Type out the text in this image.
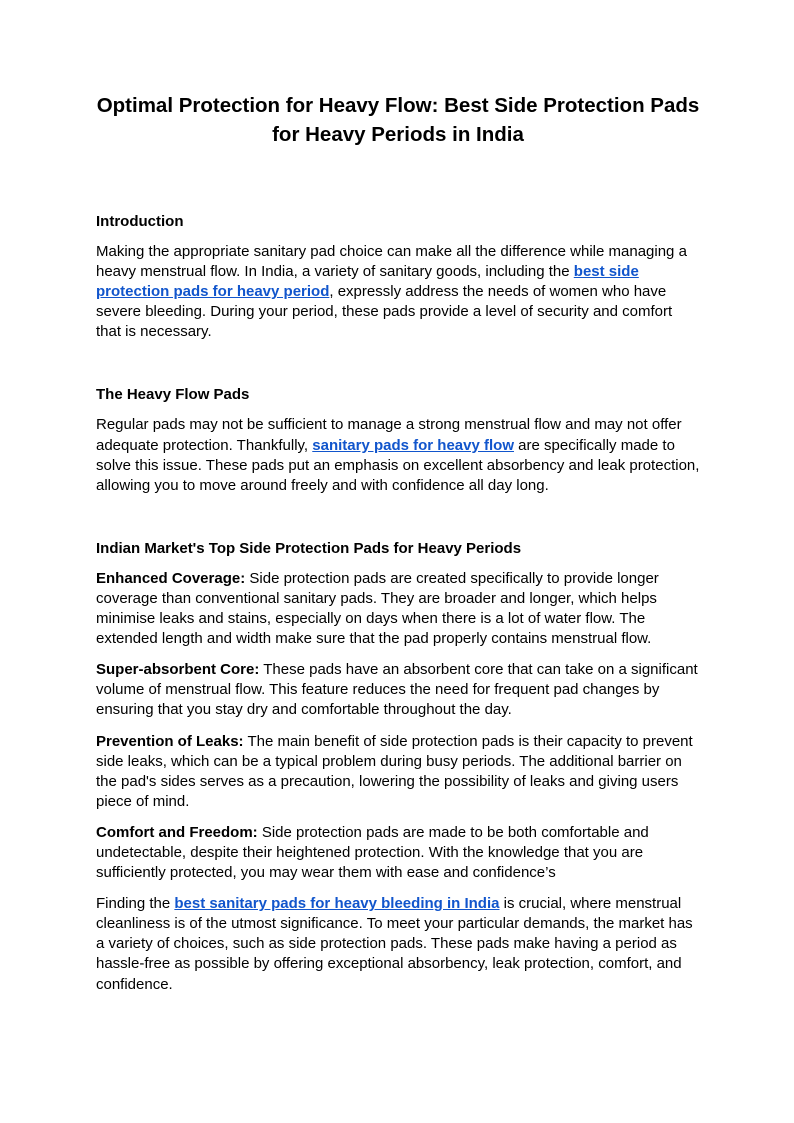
Optimal Protection for Heavy Flow: Best Side Protection Pads for Heavy Periods in India
Introduction

Making the appropriate sanitary pad choice can make all the difference while managing a heavy menstrual flow. In India, a variety of sanitary goods, including the best side protection pads for heavy period, expressly address the needs of women who have severe bleeding. During your period, these pads provide a level of security and comfort that is necessary.

The Heavy Flow Pads

Regular pads may not be sufficient to manage a strong menstrual flow and may not offer adequate protection. Thankfully, sanitary pads for heavy flow are specifically made to solve this issue. These pads put an emphasis on excellent absorbency and leak protection, allowing you to move around freely and with confidence all day long.

Indian Market's Top Side Protection Pads for Heavy Periods

Enhanced Coverage: Side protection pads are created specifically to provide longer coverage than conventional sanitary pads. They are broader and longer, which helps minimise leaks and stains, especially on days when there is a lot of water flow. The extended length and width make sure that the pad properly contains menstrual flow.

Super-absorbent Core: These pads have an absorbent core that can take on a significant volume of menstrual flow. This feature reduces the need for frequent pad changes by ensuring that you stay dry and comfortable throughout the day.

Prevention of Leaks: The main benefit of side protection pads is their capacity to prevent side leaks, which can be a typical problem during busy periods. The additional barrier on the pad's sides serves as a precaution, lowering the possibility of leaks and giving users piece of mind.

Comfort and Freedom: Side protection pads are made to be both comfortable and undetectable, despite their heightened protection. With the knowledge that you are sufficiently protected, you may wear them with ease and confidence’s

Finding the best sanitary pads for heavy bleeding in India is crucial, where menstrual cleanliness is of the utmost significance. To meet your particular demands, the market has a variety of choices, such as side protection pads. These pads make having a period as hassle-free as possible by offering exceptional absorbency, leak protection, comfort, and confidence.
